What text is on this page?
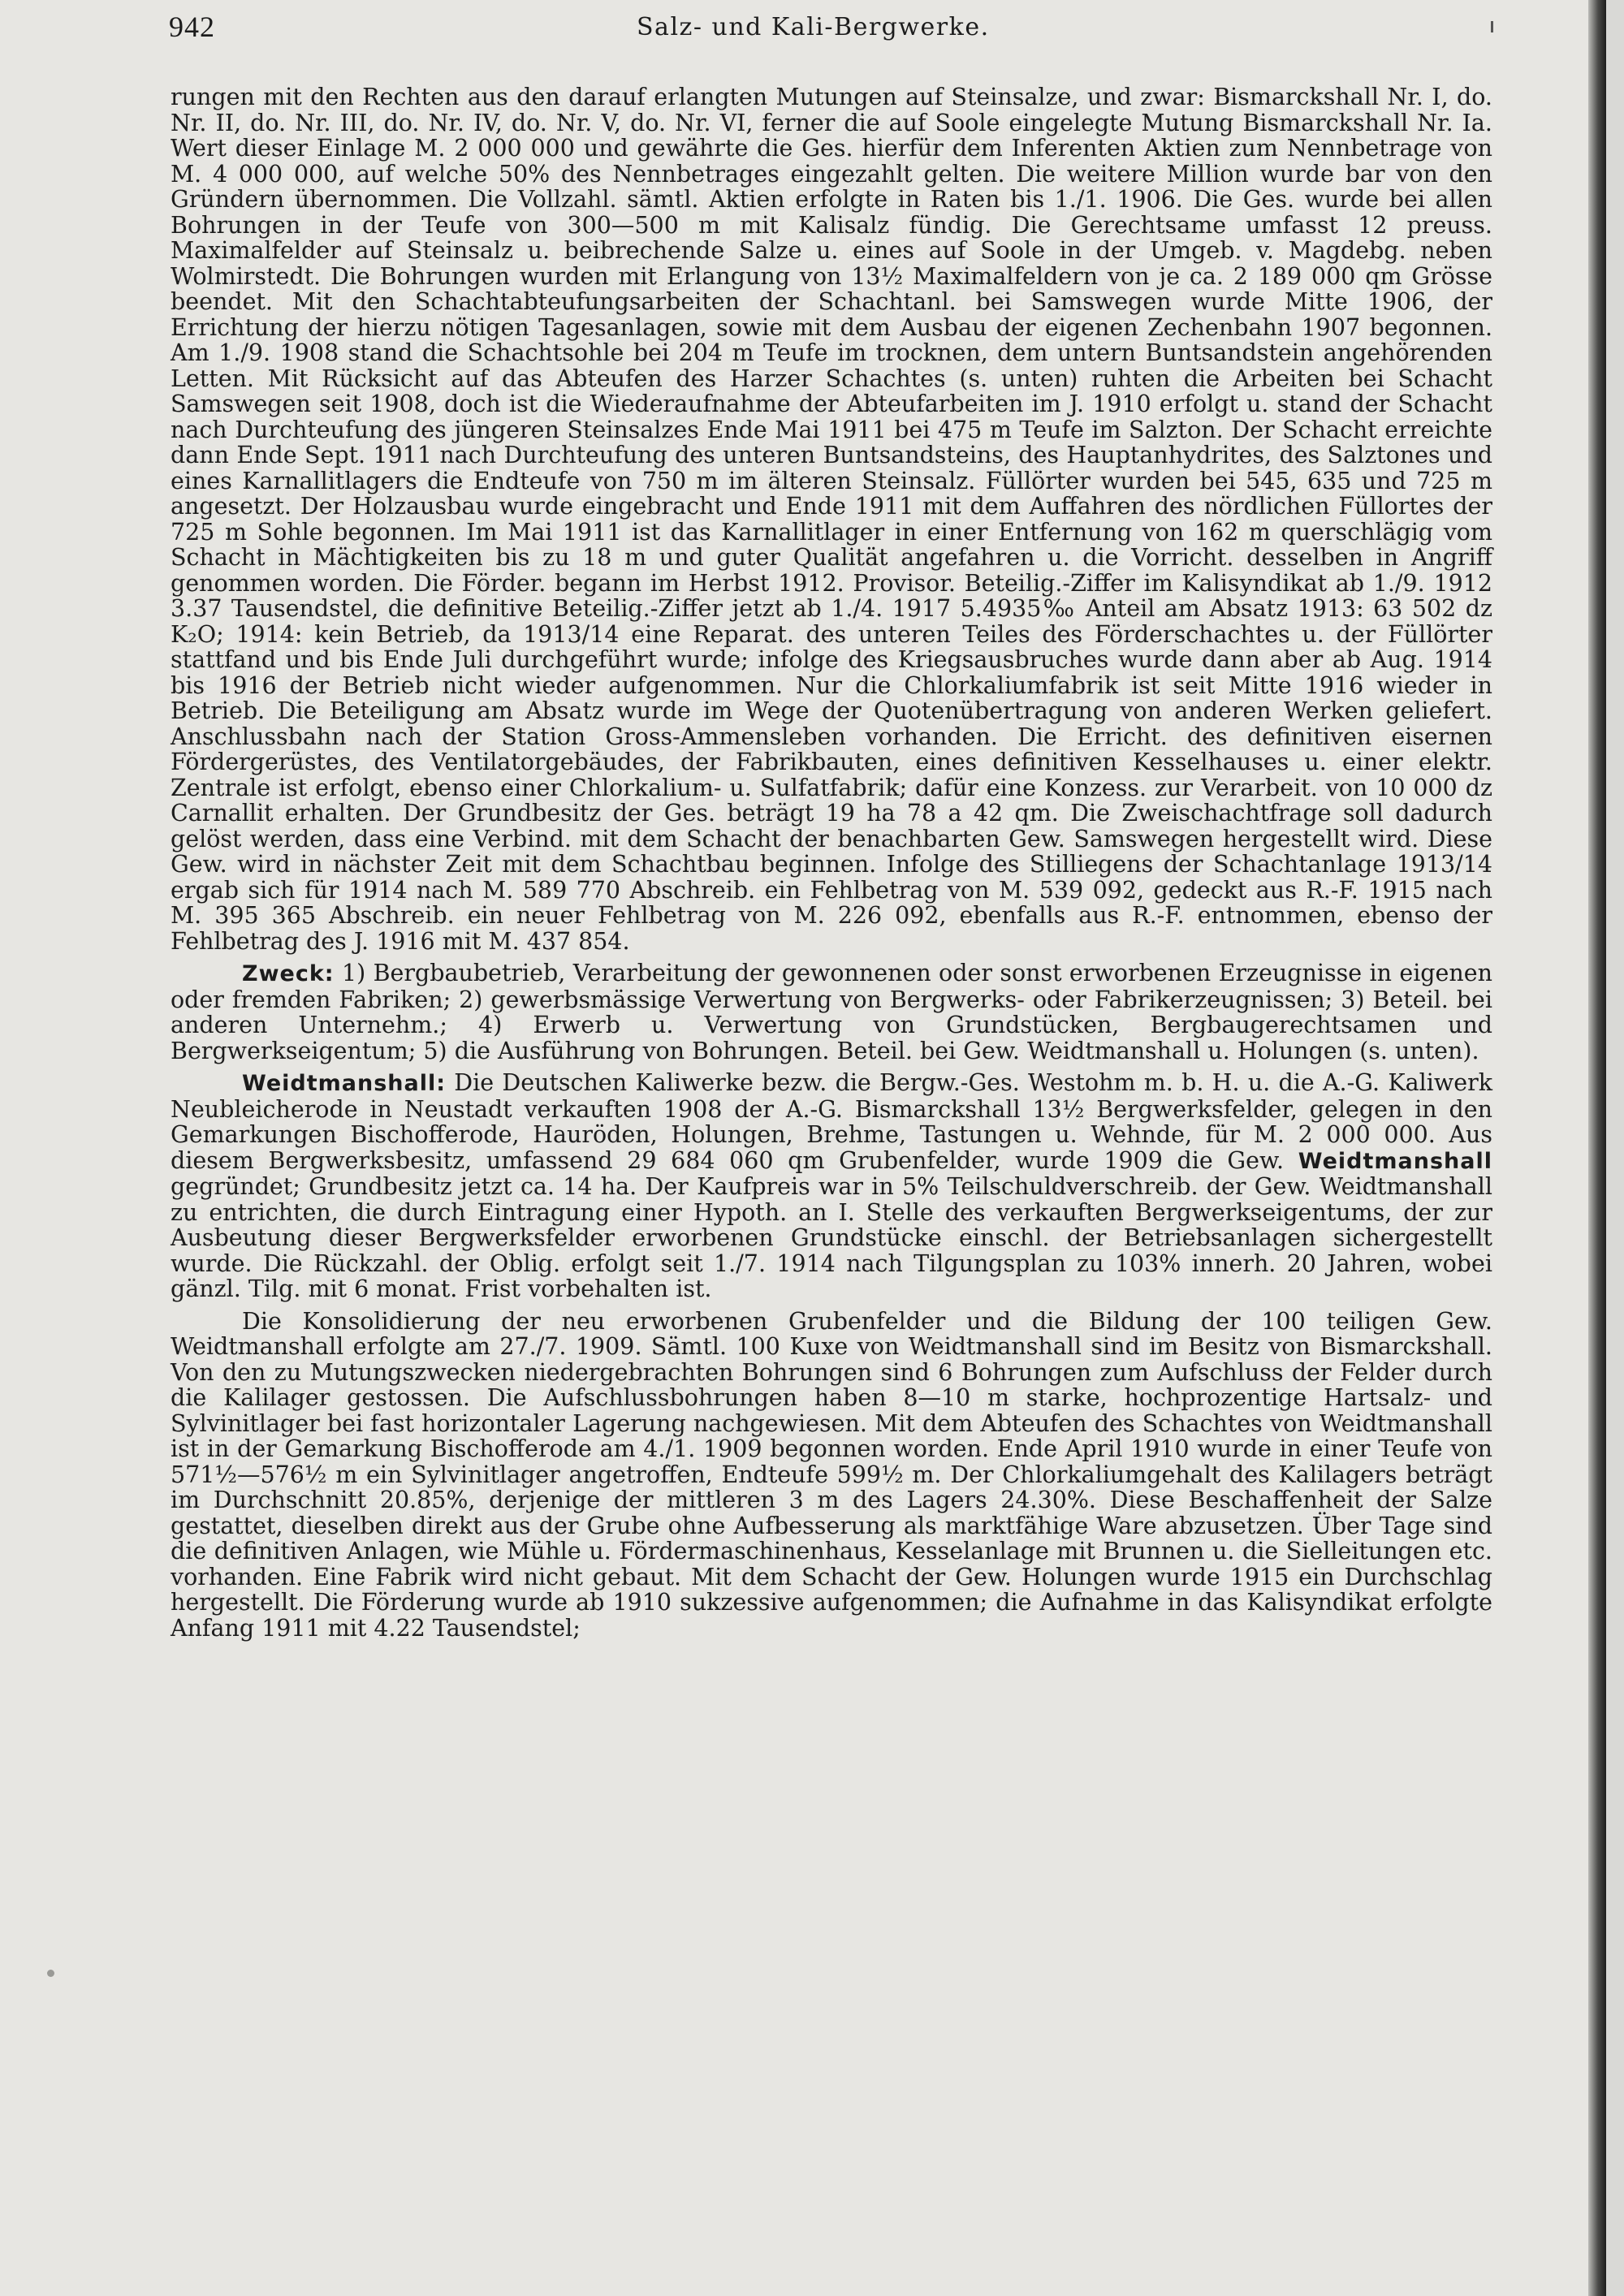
942	Salz- und Kali-Bergwerke.

rungen mit den Rechten aus den darauf erlangten Mutungen auf Steinsalze, und zwar: Bismarckshall Nr. I, do. Nr. II, do. Nr. III, do. Nr. IV, do. Nr. V, do. Nr. VI, ferner die auf Soole eingelegte Mutung Bismarckshall Nr. Ia. Wert dieser Einlage M. 2 000 000 und gewährte die Ges. hierfür dem Inferenten Aktien zum Nennbetrage von M. 4 000 000, auf welche 50% des Nennbetrages eingezahlt gelten. Die weitere Million wurde bar von den Gründern übernommen. Die Vollzahl. sämtl. Aktien erfolgte in Raten bis 1./1. 1906. Die Ges. wurde bei allen Bohrungen in der Teufe von 300—500 m mit Kalisalz fündig. Die Gerechtsame umfasst 12 preuss. Maximalfelder auf Steinsalz u. beibrechende Salze u. eines auf Soole in der Umgeb. v. Magdebg. neben Wolmirstedt. Die Bohrungen wurden mit Erlangung von 13½ Maximalfeldern von je ca. 2 189 000 qm Grösse beendet. Mit den Schachtabteufungsarbeiten der Schachtanl. bei Samswegen wurde Mitte 1906, der Errichtung der hierzu nötigen Tagesanlagen, sowie mit dem Ausbau der eigenen Zechenbahn 1907 begonnen. Am 1./9. 1908 stand die Schachtsohle bei 204 m Teufe im trocknen, dem untern Buntsandstein angehörenden Letten. Mit Rücksicht auf das Abteufen des Harzer Schachtes (s. unten) ruhten die Arbeiten bei Schacht Samswegen seit 1908, doch ist die Wiederaufnahme der Abteufarbeiten im J. 1910 erfolgt u. stand der Schacht nach Durchteufung des jüngeren Steinsalzes Ende Mai 1911 bei 475 m Teufe im Salzton. Der Schacht erreichte dann Ende Sept. 1911 nach Durchteufung des unteren Buntsandsteins, des Hauptanhydrites, des Salztones und eines Karnallitlagers die Endteufe von 750 m im älteren Steinsalz. Füllörter wurden bei 545, 635 und 725 m angesetzt. Der Holzausbau wurde eingebracht und Ende 1911 mit dem Auffahren des nördlichen Füllortes der 725 m Sohle begonnen. Im Mai 1911 ist das Karnallitlager in einer Entfernung von 162 m querschlägig vom Schacht in Mächtigkeiten bis zu 18 m und guter Qualität angefahren u. die Vorricht. desselben in Angriff genommen worden. Die Förder. begann im Herbst 1912. Provisor. Beteilig.-Ziffer im Kalisyndikat ab 1./9. 1912 3.37 Tausendstel, die definitive Beteilig.-Ziffer jetzt ab 1./4. 1917 5.4935‰ Anteil am Absatz 1913: 63 502 dz K₂O; 1914: kein Betrieb, da 1913/14 eine Reparat. des unteren Teiles des Förderschachtes u. der Füllörter stattfand und bis Ende Juli durchgeführt wurde; infolge des Kriegsausbruches wurde dann aber ab Aug. 1914 bis 1916 der Betrieb nicht wieder aufgenommen. Nur die Chlorkaliumfabrik ist seit Mitte 1916 wieder in Betrieb. Die Beteiligung am Absatz wurde im Wege der Quotenübertragung von anderen Werken geliefert. Anschlussbahn nach der Station Gross-Ammensleben vorhanden. Die Erricht. des definitiven eisernen Fördergerüstes, des Ventilatorgebäudes, der Fabrikbauten, eines definitiven Kesselhauses u. einer elektr. Zentrale ist erfolgt, ebenso einer Chlorkalium- u. Sulfatfabrik; dafür eine Konzess. zur Verarbeit. von 10 000 dz Carnallit erhalten. Der Grundbesitz der Ges. beträgt 19 ha 78 a 42 qm. Die Zweischachtfrage soll dadurch gelöst werden, dass eine Verbind. mit dem Schacht der benachbarten Gew. Samswegen hergestellt wird. Diese Gew. wird in nächster Zeit mit dem Schachtbau beginnen. Infolge des Stilliegens der Schachtanlage 1913/14 ergab sich für 1914 nach M. 589 770 Abschreib. ein Fehlbetrag von M. 539 092, gedeckt aus R.-F. 1915 nach M. 395 365 Abschreib. ein neuer Fehlbetrag von M. 226 092, ebenfalls aus R.-F. entnommen, ebenso der Fehlbetrag des J. 1916 mit M. 437 854.

Zweck: 1) Bergbaubetrieb, Verarbeitung der gewonnenen oder sonst erworbenen Erzeugnisse in eigenen oder fremden Fabriken; 2) gewerbsmässige Verwertung von Bergwerks- oder Fabrikerzeugnissen; 3) Beteil. bei anderen Unternehm.; 4) Erwerb u. Verwertung von Grundstücken, Bergbaugerechtsamen und Bergwerkseigentum; 5) die Ausführung von Bohrungen. Beteil. bei Gew. Weidtmanshall u. Holungen (s. unten).

Weidtmanshall: Die Deutschen Kaliwerke bezw. die Bergw.-Ges. Westohm m. b. H. u. die A.-G. Kaliwerk Neubleicherode in Neustadt verkauften 1908 der A.-G. Bismarckshall 13½ Bergwerksfelder, gelegen in den Gemarkungen Bischofferode, Hauröden, Holungen, Brehme, Tastungen u. Wehnde, für M. 2 000 000. Aus diesem Bergwerksbesitz, umfassend 29 684 060 qm Grubenfelder, wurde 1909 die Gew. Weidtmanshall gegründet; Grundbesitz jetzt ca. 14 ha. Der Kaufpreis war in 5% Teilschuldverschreib. der Gew. Weidtmanshall zu entrichten, die durch Eintragung einer Hypoth. an I. Stelle des verkauften Bergwerkseigentums, der zur Ausbeutung dieser Bergwerksfelder erworbenen Grundstücke einschl. der Betriebsanlagen sichergestellt wurde. Die Rückzahl. der Oblig. erfolgt seit 1./7. 1914 nach Tilgungsplan zu 103% innerh. 20 Jahren, wobei gänzl. Tilg. mit 6 monat. Frist vorbehalten ist.

Die Konsolidierung der neu erworbenen Grubenfelder und die Bildung der 100 teiligen Gew. Weidtmanshall erfolgte am 27./7. 1909. Sämtl. 100 Kuxe von Weidtmanshall sind im Besitz von Bismarckshall. Von den zu Mutungszwecken niedergebrachten Bohrungen sind 6 Bohrungen zum Aufschluss der Felder durch die Kalilager gestossen. Die Aufschlussbohrungen haben 8—10 m starke, hochprozentige Hartsalz- und Sylvinitlager bei fast horizontaler Lagerung nachgewiesen. Mit dem Abteufen des Schachtes von Weidtmanshall ist in der Gemarkung Bischofferode am 4./1. 1909 begonnen worden. Ende April 1910 wurde in einer Teufe von 571½—576½ m ein Sylvinitlager angetroffen, Endteufe 599½ m. Der Chlorkaliumgehalt des Kalilagers beträgt im Durchschnitt 20.85%, derjenige der mittleren 3 m des Lagers 24.30%. Diese Beschaffenheit der Salze gestattet, dieselben direkt aus der Grube ohne Aufbesserung als marktfähige Ware abzusetzen. Über Tage sind die definitiven Anlagen, wie Mühle u. Fördermaschinenhaus, Kesselanlage mit Brunnen u. die Sielleitungen etc. vorhanden. Eine Fabrik wird nicht gebaut. Mit dem Schacht der Gew. Holungen wurde 1915 ein Durchschlag hergestellt. Die Förderung wurde ab 1910 sukzessive aufgenommen; die Aufnahme in das Kalisyndikat erfolgte Anfang 1911 mit 4.22 Tausendstel;
